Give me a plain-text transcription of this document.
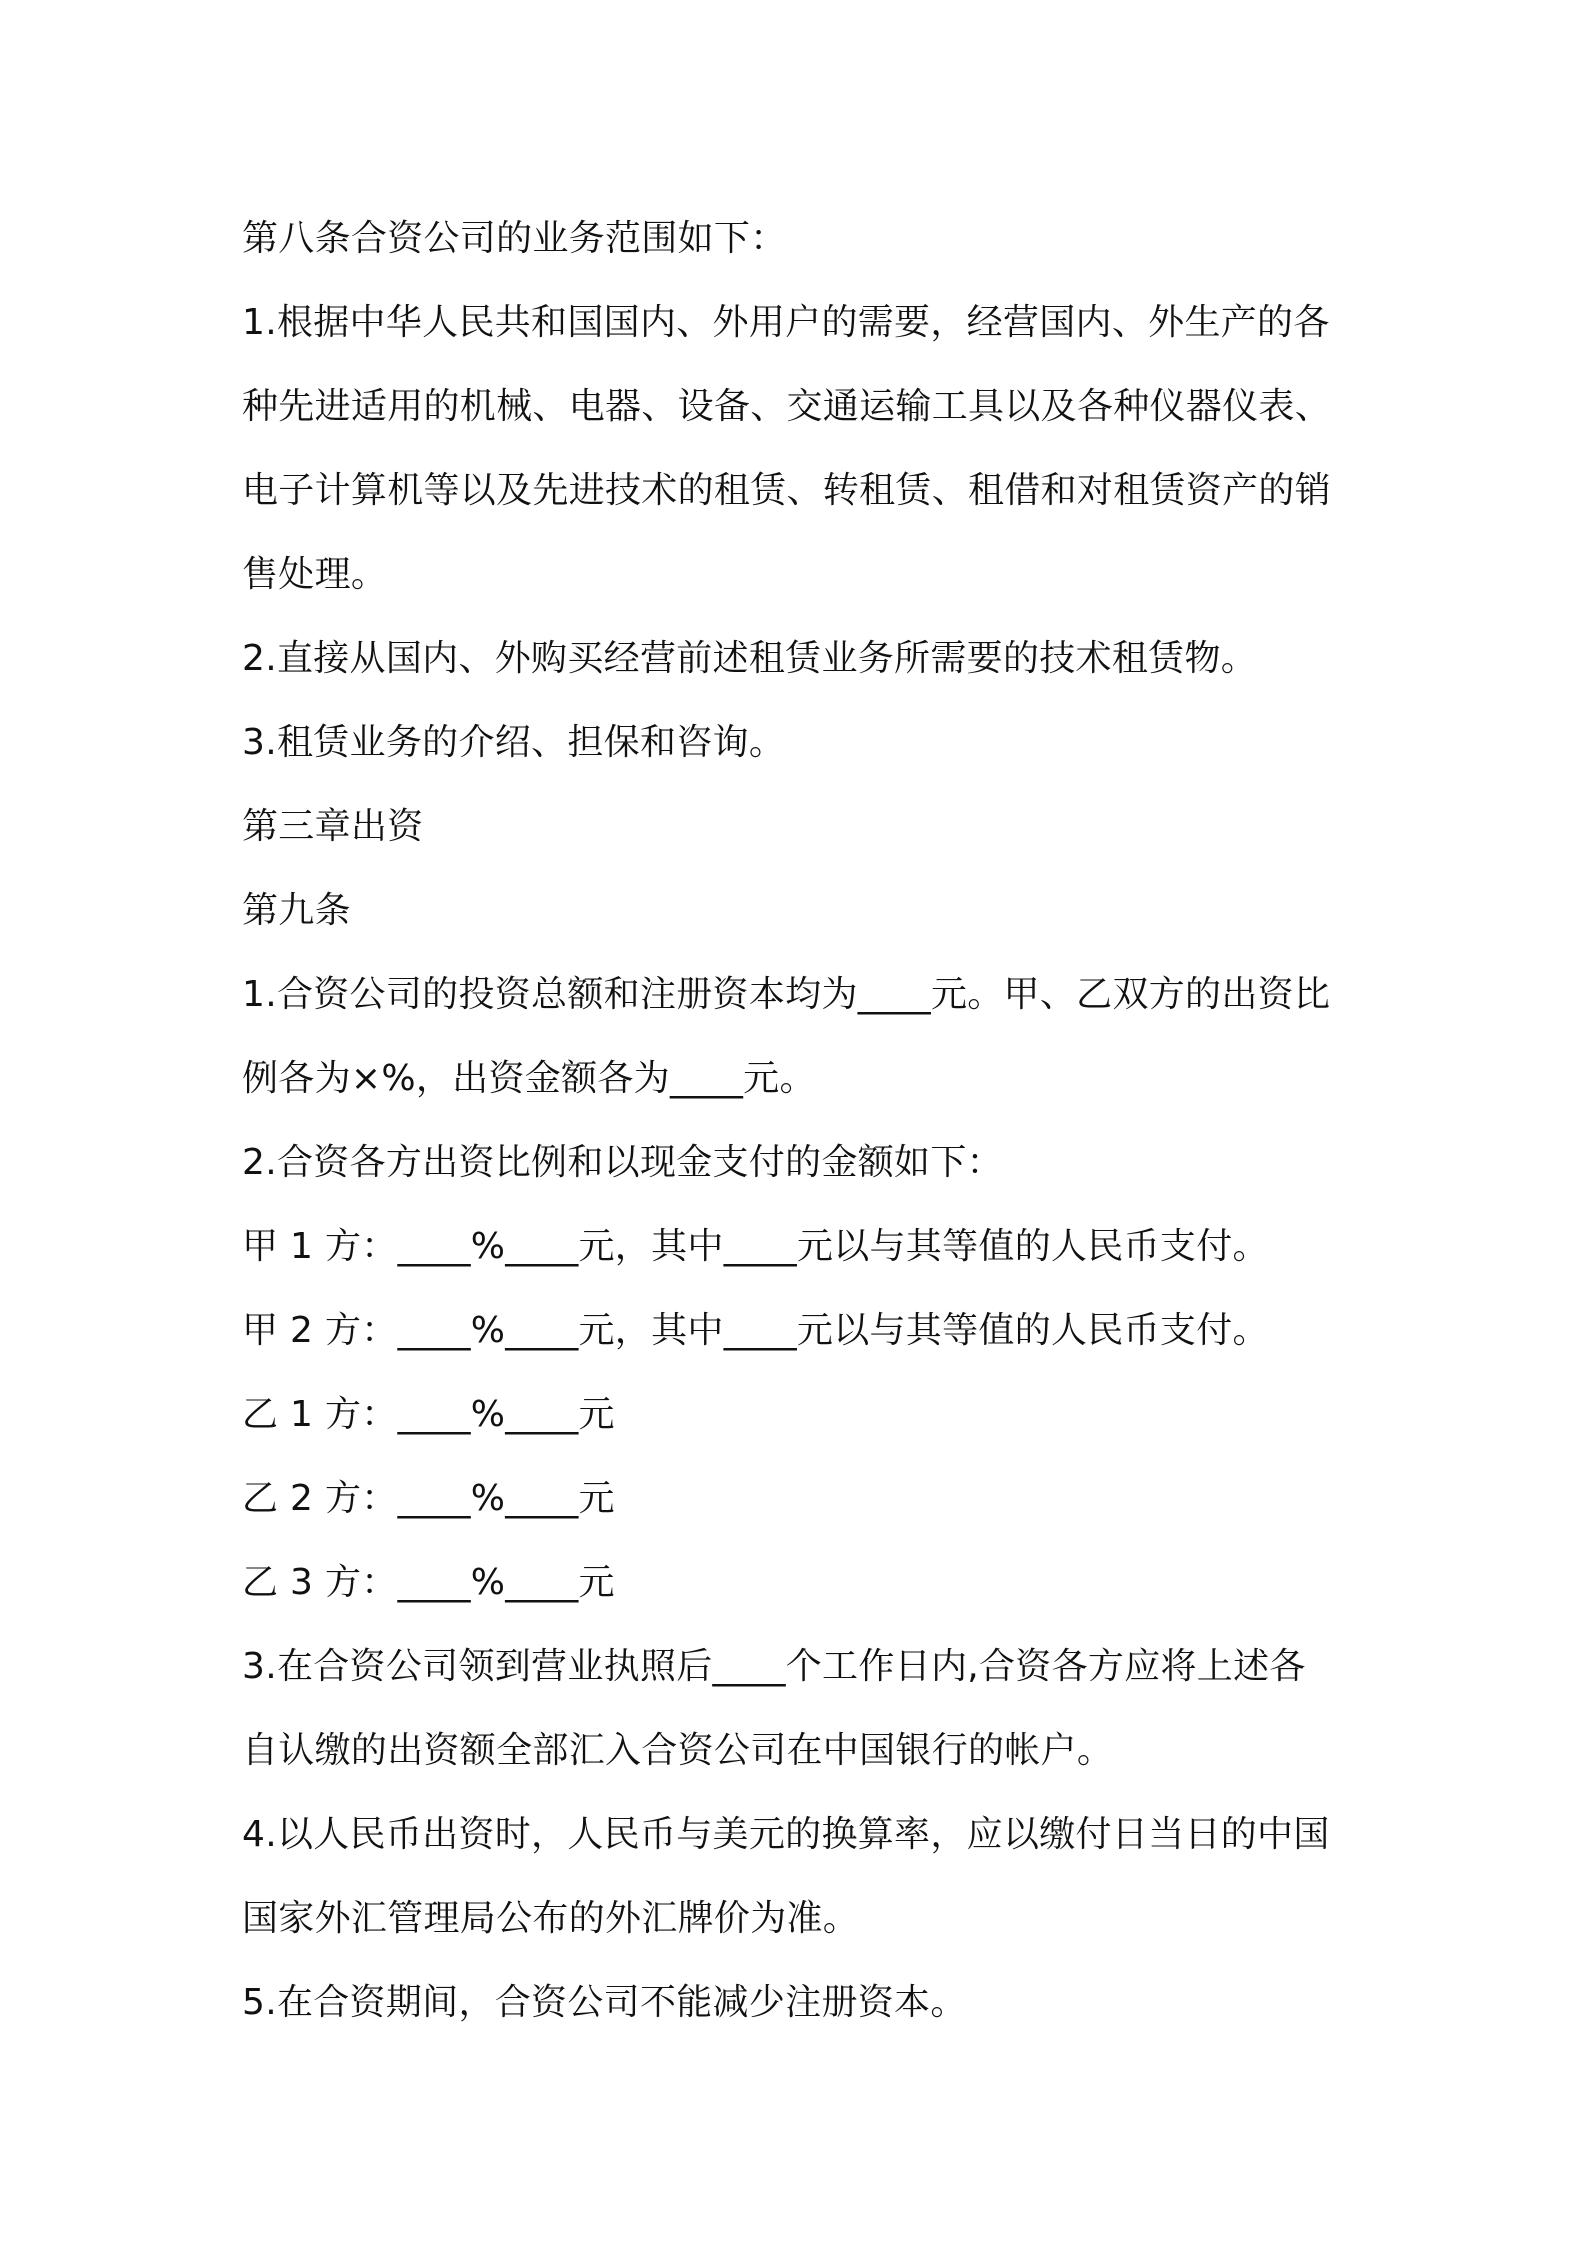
第八条合资公司的业务范围如下：
1.根据中华人民共和国国内、外用户的需要，经营国内、外生产的各
种先进适用的机械、电器、设备、交通运输工具以及各种仪器仪表、
电子计算机等以及先进技术的租赁、转租赁、租借和对租赁资产的销
售处理。
2.直接从国内、外购买经营前述租赁业务所需要的技术租赁物。
3.租赁业务的介绍、担保和咨询。
第三章出资
第九条
1.合资公司的投资总额和注册资本均为____元。甲、乙双方的出资比
例各为×%，出资金额各为____元。
2.合资各方出资比例和以现金支付的金额如下：
甲 1 方：____%____元，其中____元以与其等值的人民币支付。
甲 2 方：____%____元，其中____元以与其等值的人民币支付。
乙 1 方：____%____元
乙 2 方：____%____元
乙 3 方：____%____元
3.在合资公司领到营业执照后____个工作日内,合资各方应将上述各
自认缴的出资额全部汇入合资公司在中国银行的帐户。
4.以人民币出资时，人民币与美元的换算率，应以缴付日当日的中国
国家外汇管理局公布的外汇牌价为准。
5.在合资期间，合资公司不能减少注册资本。
